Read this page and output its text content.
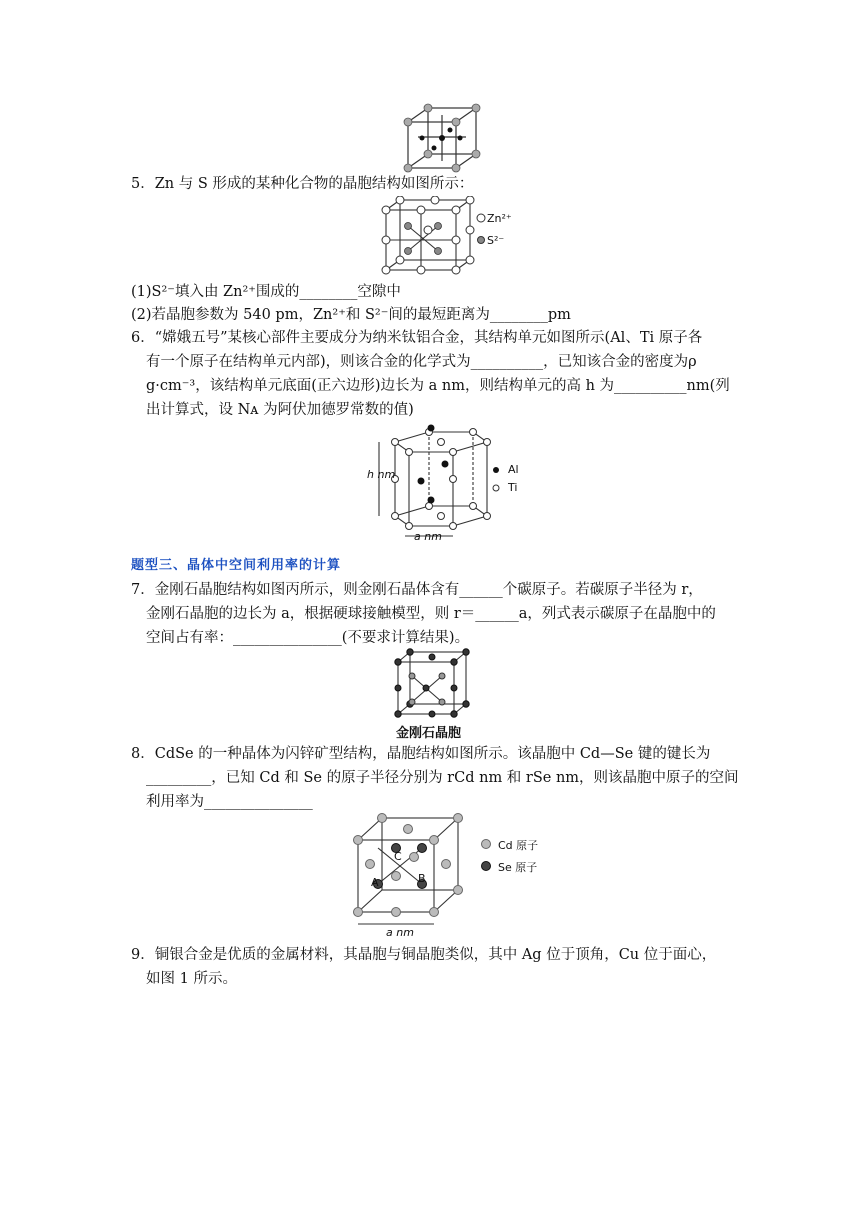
5．Zn 与 S 形成的某种化合物的晶胞结构如图所示：
Zn²⁺
S²⁻
(1)S²⁻填入由 Zn²⁺围成的________空隙中
(2)若晶胞参数为 540 pm，Zn²⁺和 S²⁻间的最短距离为________pm
6．“嫦娥五号”某核心部件主要成分为纳米钛铝合金，其结构单元如图所示(Al、Ti 原子各
有一个原子在结构单元内部)，则该合金的化学式为__________，已知该合金的密度为ρ
g·cm⁻³，该结构单元底面(正六边形)边长为 a nm，则结构单元的高 h 为__________nm(列
出计算式，设 Nᴀ 为阿伏加德罗常数的值)
h nm
a nm
Al
Ti
题型三、晶体中空间利用率的计算
7．金刚石晶胞结构如图丙所示，则金刚石晶体含有______个碳原子。若碳原子半径为 r，
金刚石晶胞的边长为 a，根据硬球接触模型，则 r＝______a，列式表示碳原子在晶胞中的
空间占有率：_______________(不要求计算结果)。
金刚石晶胞
8．CdSe 的一种晶体为闪锌矿型结构，晶胞结构如图所示。该晶胞中 Cd—Se 键的键长为
_________，已知 Cd 和 Se 的原子半径分别为 rCd nm 和 rSe nm，则该晶胞中原子的空间
利用率为_______________
Cd 原子
Se 原子
A	B
C
a nm
9．铜银合金是优质的金属材料，其晶胞与铜晶胞类似，其中 Ag 位于顶角，Cu 位于面心，
如图 1 所示。
